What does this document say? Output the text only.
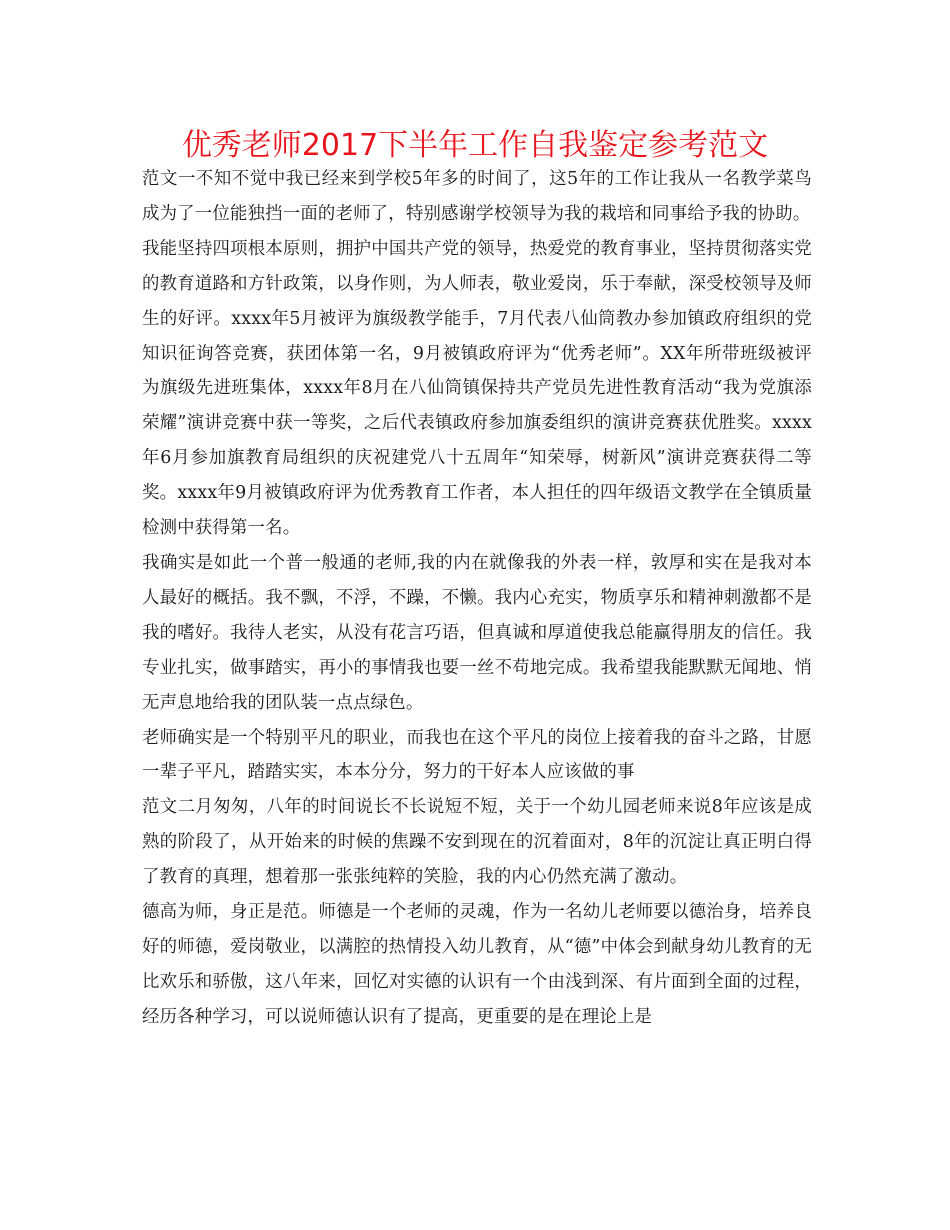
优秀老师2017下半年工作自我鉴定参考范文

范文一不知不觉中我已经来到学校5年多的时间了，这5年的工作让我从一名教学菜鸟成为了一位能独挡一面的老师了，特别感谢学校领导为我的栽培和同事给予我的协助。

我能坚持四项根本原则，拥护中国共产党的领导，热爱党的教育事业，坚持贯彻落实党的教育道路和方针政策，以身作则，为人师表，敬业爱岗，乐于奉献，深受校领导及师生的好评。xxxx年5月被评为旗级教学能手，7月代表八仙筒教办参加镇政府组织的党知识征询答竞赛，获团体第一名，9月被镇政府评为“优秀老师”。XX年所带班级被评为旗级先进班集体，xxxx年8月在八仙筒镇保持共产党员先进性教育活动“我为党旗添荣耀”演讲竞赛中获一等奖，之后代表镇政府参加旗委组织的演讲竞赛获优胜奖。xxxx年6月参加旗教育局组织的庆祝建党八十五周年“知荣辱，树新风”演讲竞赛获得二等奖。xxxx年9月被镇政府评为优秀教育工作者，本人担任的四年级语文教学在全镇质量检测中获得第一名。

我确实是如此一个普一般通的老师,我的内在就像我的外表一样，敦厚和实在是我对本人最好的概括。我不飘，不浮，不躁，不懒。我内心充实，物质享乐和精神刺激都不是我的嗜好。我待人老实，从没有花言巧语，但真诚和厚道使我总能赢得朋友的信任。我专业扎实，做事踏实，再小的事情我也要一丝不苟地完成。我希望我能默默无闻地、悄无声息地给我的团队装一点点绿色。

老师确实是一个特别平凡的职业，而我也在这个平凡的岗位上接着我的奋斗之路，甘愿一辈子平凡，踏踏实实，本本分分，努力的干好本人应该做的事

范文二月匆匆，八年的时间说长不长说短不短，关于一个幼儿园老师来说8年应该是成熟的阶段了，从开始来的时候的焦躁不安到现在的沉着面对，8年的沉淀让真正明白得了教育的真理，想着那一张张纯粹的笑脸，我的内心仍然充满了激动。

德高为师，身正是范。师德是一个老师的灵魂，作为一名幼儿老师要以德治身，培养良好的师德，爱岗敬业，以满腔的热情投入幼儿教育，从“德”中体会到献身幼儿教育的无比欢乐和骄傲，这八年来，回忆对实德的认识有一个由浅到深、有片面到全面的过程，经历各种学习，可以说师德认识有了提高，更重要的是在理论上是
